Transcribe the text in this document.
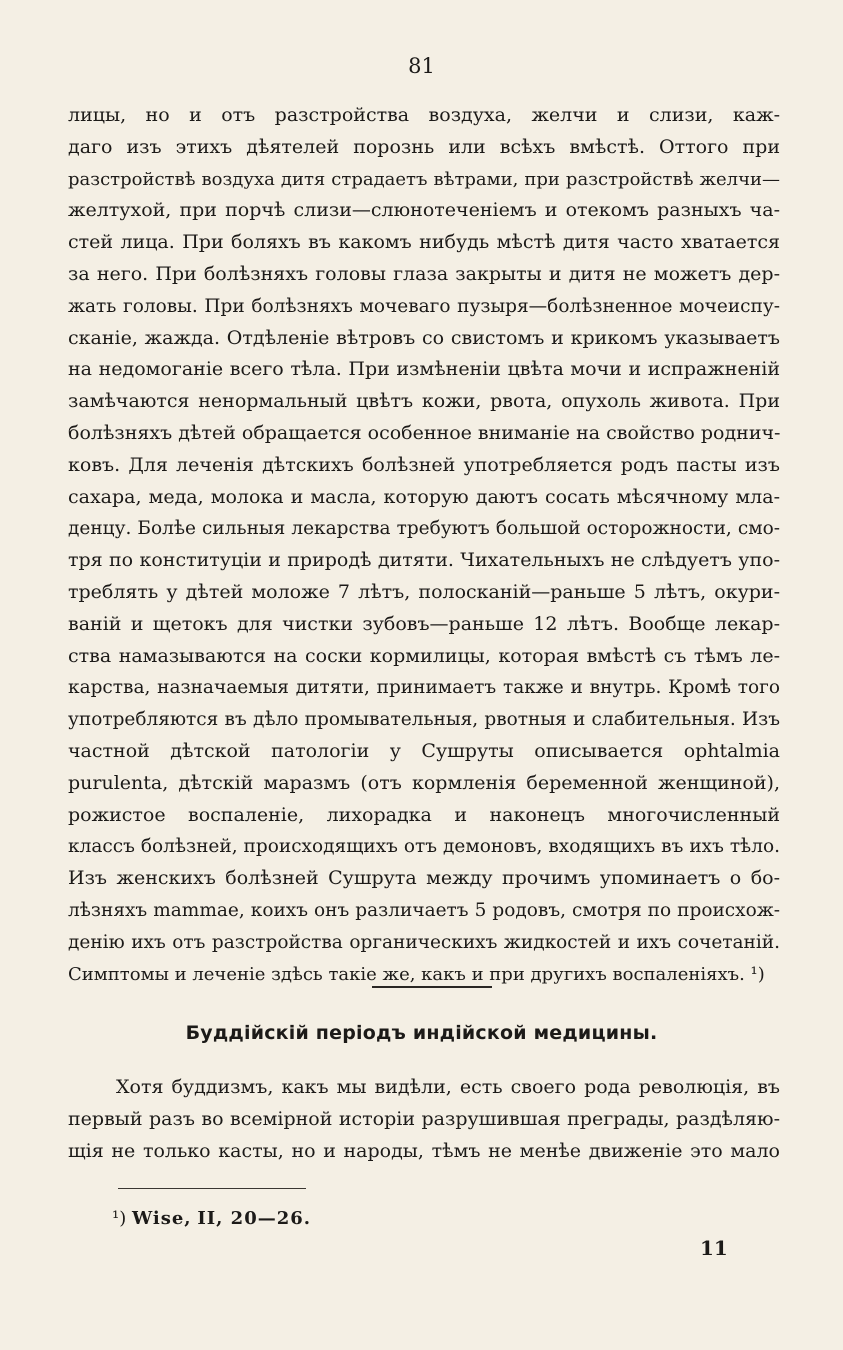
81
лицы, но и отъ разстройства воздуха, желчи и слизи, каж-
даго изъ этихъ дѣятелей порознь или всѣхъ вмѣстѣ. Оттого при
разстройствѣ воздуха дитя страдаетъ вѣтрами, при разстройствѣ желчи—
желтухой, при порчѣ слизи—слюнотеченіемъ и отекомъ разныхъ ча-
стей лица. При боляхъ въ какомъ нибудь мѣстѣ дитя часто хватается
за него. При болѣзняхъ головы глаза закрыты и дитя не можетъ дер-
жать головы. При болѣзняхъ мочеваго пузыря—болѣзненное мочеиспу-
сканіе, жажда. Отдѣленіе вѣтровъ со свистомъ и крикомъ указываетъ
на недомоганіе всего тѣла. При измѣненіи цвѣта мочи и испражненій
замѣчаются ненормальный цвѣтъ кожи, рвота, опухоль живота. При
болѣзняхъ дѣтей обращается особенное вниманіе на свойство роднич-
ковъ. Для леченія дѣтскихъ болѣзней употребляется родъ пасты изъ
сахара, меда, молока и масла, которую даютъ сосать мѣсячному мла-
денцу. Болѣе сильныя лекарства требуютъ большой осторожности, смо-
тря по конституціи и природѣ дитяти. Чихательныхъ не слѣдуетъ упо-
треблять у дѣтей моложе 7 лѣтъ, полосканій—раньше 5 лѣтъ, окури-
ваній и щетокъ для чистки зубовъ—раньше 12 лѣтъ. Вообще лекар-
ства намазываются на соски кормилицы, которая вмѣстѣ съ тѣмъ ле-
карства, назначаемыя дитяти, принимаетъ также и внутрь. Кромѣ того
употребляются въ дѣло промывательныя, рвотныя и слабительныя. Изъ
частной дѣтской патологіи у Сушруты описывается ophtalmia
purulenta, дѣтскій маразмъ (отъ кормленія беременной женщиной),
рожистое воспаленіе, лихорадка и наконецъ многочисленный
классъ болѣзней, происходящихъ отъ демоновъ, входящихъ въ ихъ тѣло.
Изъ женскихъ болѣзней Сушрута между прочимъ упоминаетъ о бо-
лѣзняхъ mammae, коихъ онъ различаетъ 5 родовъ, смотря по происхож-
денію ихъ отъ разстройства органическихъ жидкостей и ихъ сочетаній.
Симптомы и леченіе здѣсь такіе же, какъ и при другихъ воспаленіяхъ. ¹)
Буддійскій періодъ индійской медицины.
Хотя буддизмъ, какъ мы видѣли, есть своего рода революція, въ
первый разъ во всемірной исторіи разрушившая преграды, раздѣляю-
щія не только касты, но и народы, тѣмъ не менѣе движеніе это мало
¹) Wise, II, 20—26.
11
